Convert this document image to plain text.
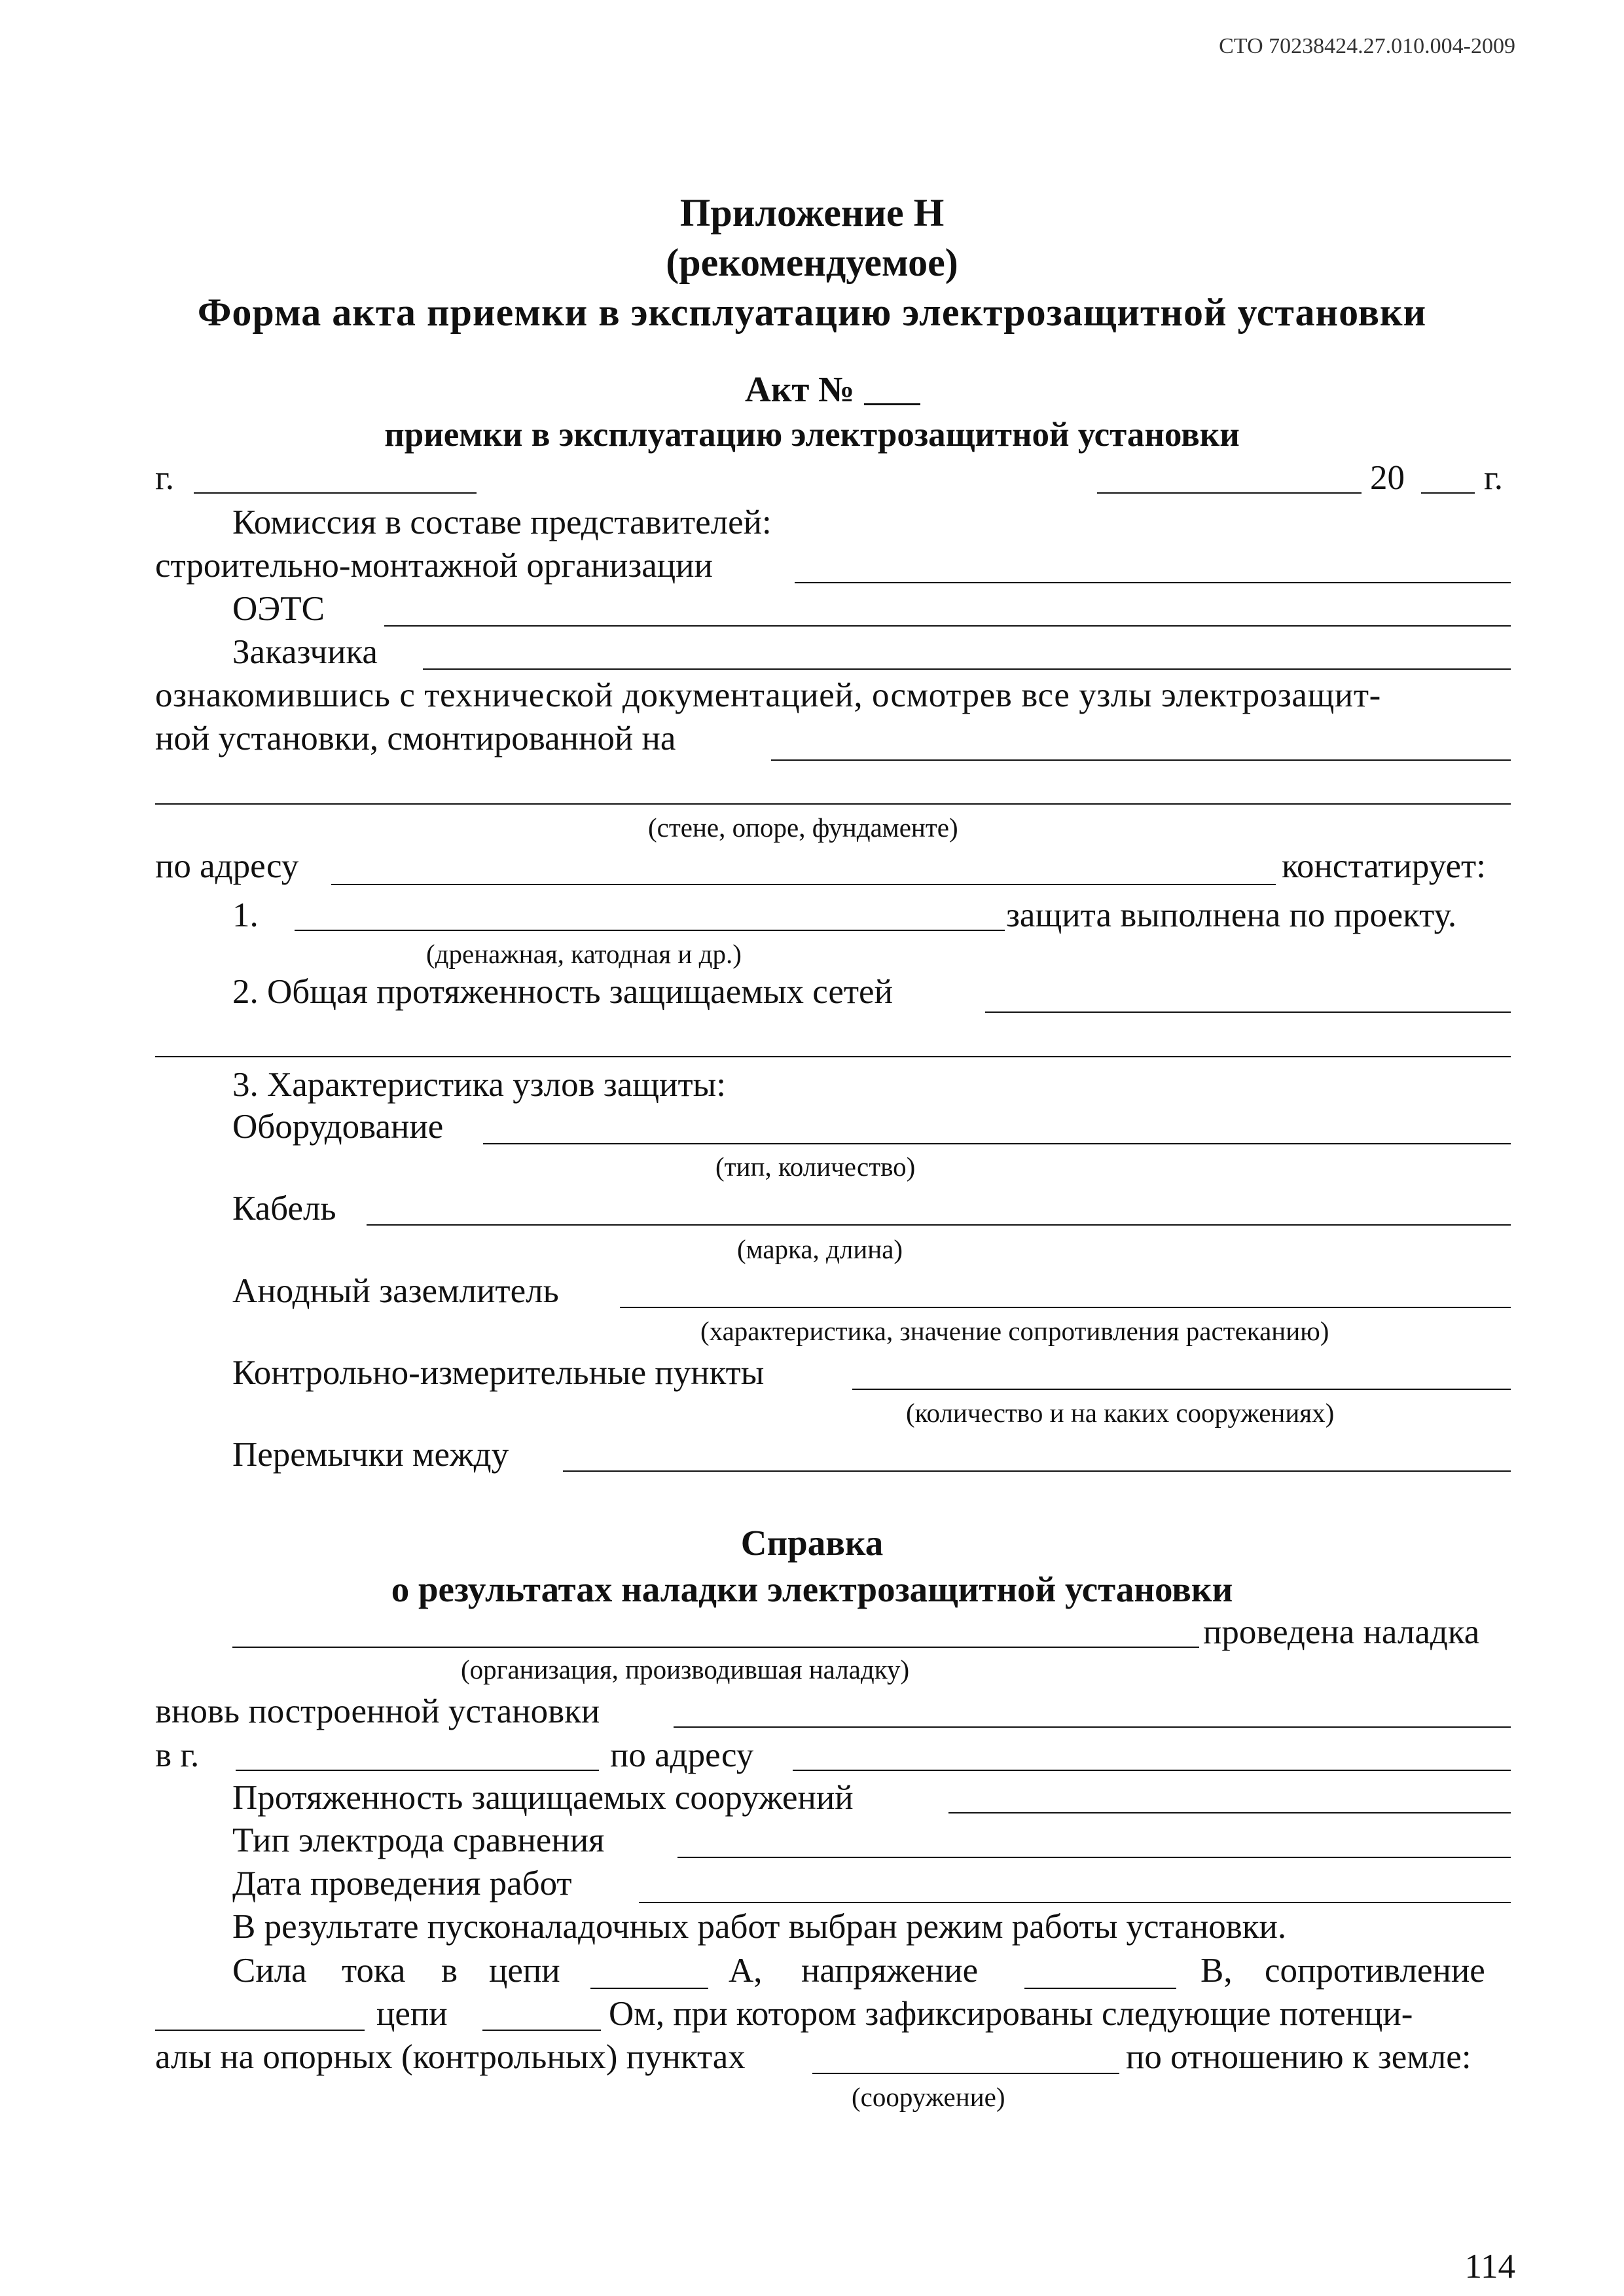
СТО 70238424.27.010.004-2009
Приложение Н
(рекомендуемое)
Форма акта приемки в эксплуатацию электрозащитной установки
Акт №
приемки в эксплуатацию электрозащитной установки
г.	20 г.
Комиссия в составе представителей:
строительно-монтажной организации
ОЭТС
Заказчика
ознакомившись с технической документацией, осмотрев все узлы электрозащит-
ной установки, смонтированной на
(стене, опоре, фундаменте)
по адресу	констатирует:
1.	защита выполнена по проекту.
(дренажная, катодная и др.)
2. Общая протяженность защищаемых сетей
3. Характеристика узлов защиты:
Оборудование
(тип, количество)
Кабель
(марка, длина)
Анодный заземлитель
(характеристика, значение сопротивления растеканию)
Контрольно-измерительные пункты
(количество и на каких сооружениях)
Перемычки между
Справка
о результатах наладки электрозащитной установки
проведена наладка
(организация, производившая наладку)
вновь построенной установки
в г.	по адресу
Протяженность защищаемых сооружений
Тип электрода сравнения
Дата проведения работ
В результате пусконаладочных работ выбран режим работы установки.
Сила тока в цепи	А, напряжение	В, сопротивление
цепи	Ом, при котором зафиксированы следующие потенци-
алы на опорных (контрольных) пунктах	по отношению к земле:
(сооружение)
114
